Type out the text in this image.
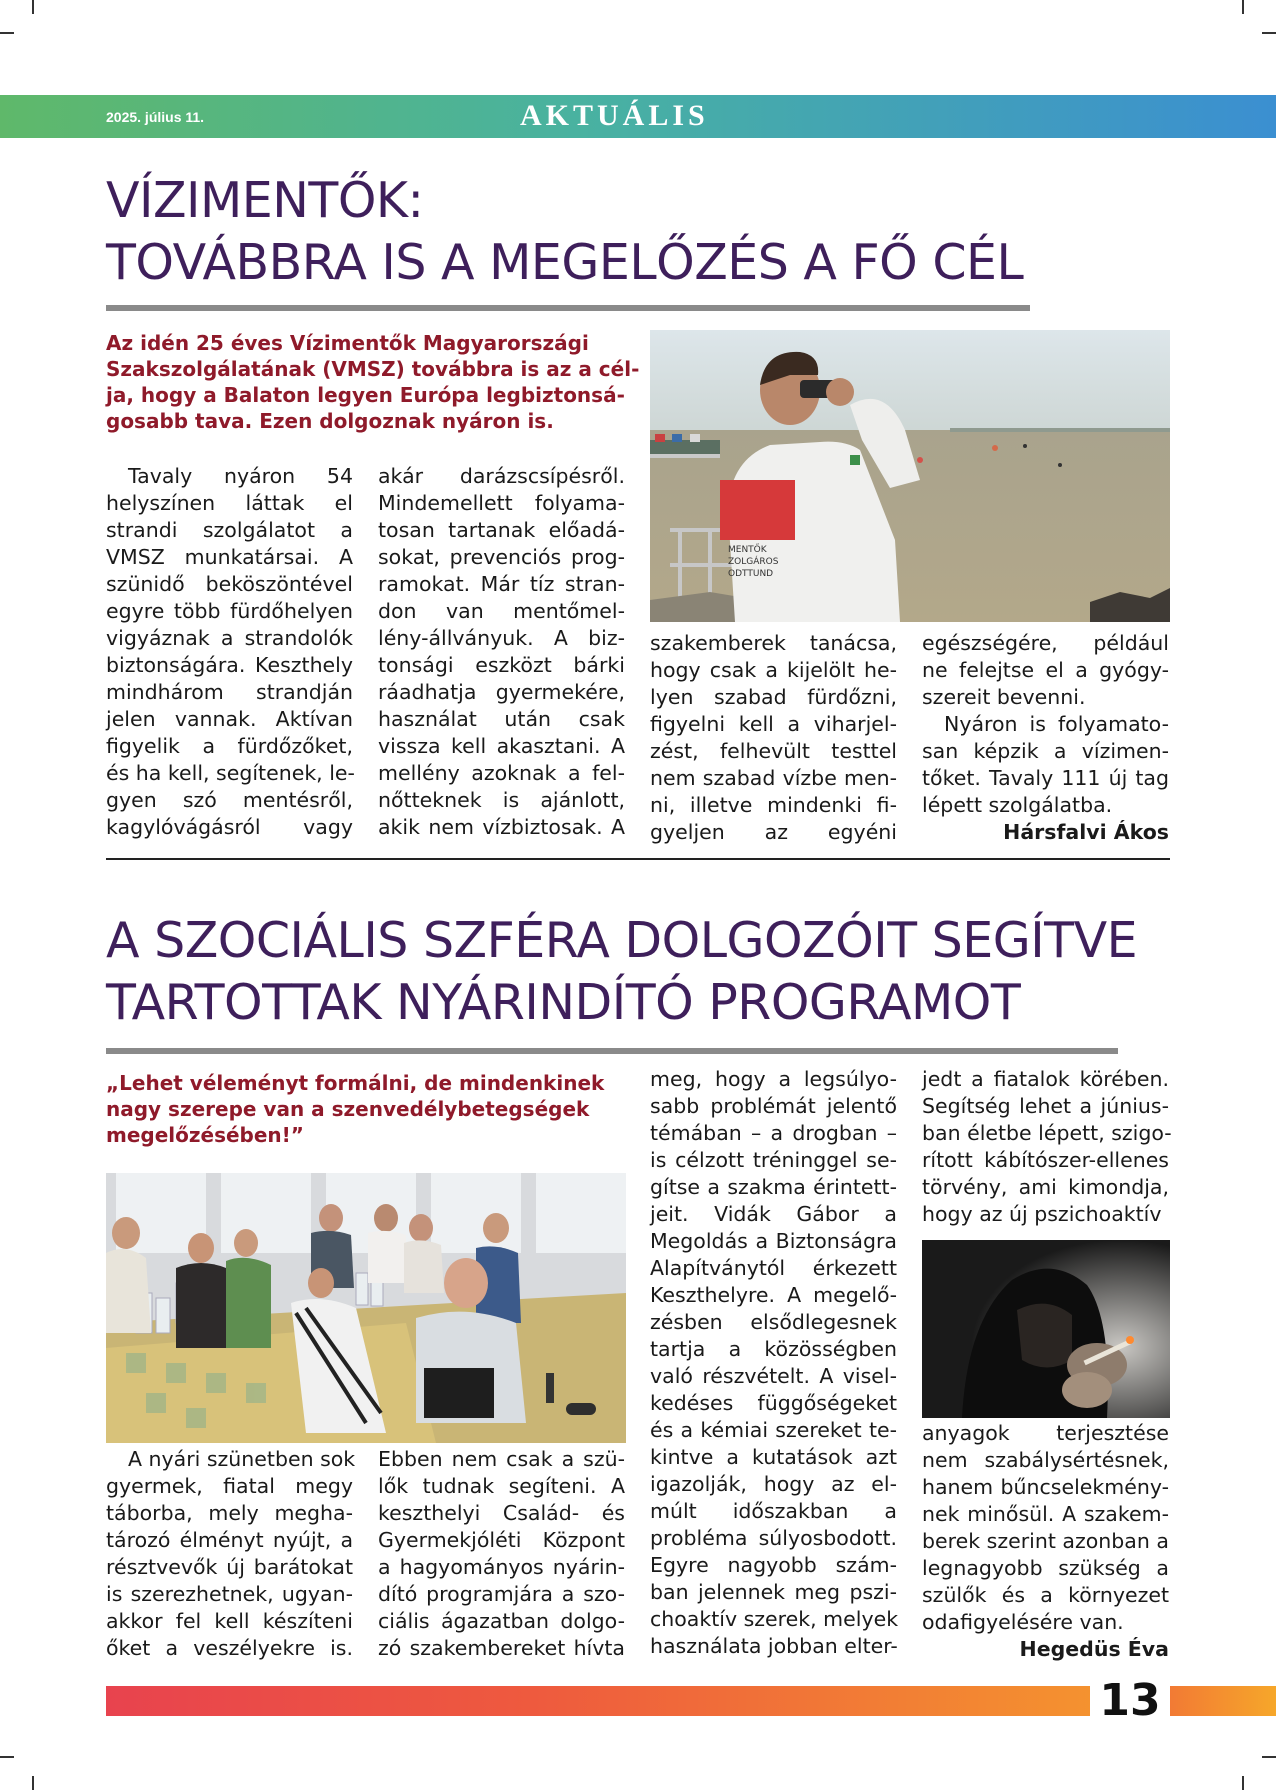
2025. július 11.	AKTUÁLIS
VÍZIMENTŐK:
TOVÁBBRA IS A MEGELŐZÉS A FŐ CÉL
Az idén 25 éves Vízimentők Magyarországi
Szakszolgálatának (VMSZ) továbbra is az a cél-
ja, hogy a Balaton legyen Európa legbiztonsá-
gosabb tava. Ezen dolgoznak nyáron is.
MENTŐK
ZOLGÁROS
ODTTUND
Tavaly nyáron 54
helyszínen láttak el
strandi szolgálatot a
VMSZ munkatársai. A
szünidő beköszöntével
egyre több fürdőhelyen
vigyáznak a strandolók
biztonságára. Keszthely
mindhárom strandján
jelen vannak. Aktívan
figyelik a fürdőzőket,
és ha kell, segítenek, le-
gyen szó mentésről,
kagylóvágásról vagy
akár darázscsípésről.
Mindemellett folyama-
tosan tartanak előadá-
sokat, prevenciós prog-
ramokat. Már tíz stran-
don van mentőmel-
lény-állványuk. A biz-
tonsági eszközt bárki
ráadhatja gyermekére,
használat után csak
vissza kell akasztani. A
mellény azoknak a fel-
nőtteknek is ajánlott,
akik nem vízbiztosak. A
szakemberek tanácsa,
hogy csak a kijelölt he-
lyen szabad fürdőzni,
figyelni kell a viharjel-
zést, felhevült testtel
nem szabad vízbe men-
ni, illetve mindenki fi-
gyeljen az egyéni
egészségére, például
ne felejtse el a gyógy-
szereit bevenni.
Nyáron is folyamato-
san képzik a vízimen-
tőket. Tavaly 111 új tag
lépett szolgálatba.
Hársfalvi Ákos
A SZOCIÁLIS SZFÉRA DOLGOZÓIT SEGÍTVE
TARTOTTAK NYÁRINDÍTÓ PROGRAMOT
„Lehet véleményt formálni, de mindenkinek
nagy szerepe van a szenvedélybetegségek
megelőzésében!”
A nyári szünetben sok
gyermek, fiatal megy
táborba, mely megha-
tározó élményt nyújt, a
résztvevők új barátokat
is szerezhetnek, ugyan-
akkor fel kell készíteni
őket a veszélyekre is.
Ebben nem csak a szü-
lők tudnak segíteni. A
keszthelyi Család- és
Gyermekjóléti Központ
a hagyományos nyárin-
dító programjára a szo-
ciális ágazatban dolgo-
zó szakembereket hívta
meg, hogy a legsúlyo-
sabb problémát jelentő
témában – a drogban –
is célzott tréninggel se-
gítse a szakma érintett-
jeit. Vidák Gábor a
Megoldás a Biztonságra
Alapítványtól érkezett
Keszthelyre. A megelő-
zésben elsődlegesnek
tartja a közösségben
való részvételt. A visel-
kedéses függőségeket
és a kémiai szereket te-
kintve a kutatások azt
igazolják, hogy az el-
múlt időszakban a
probléma súlyosbodott.
Egyre nagyobb szám-
ban jelennek meg pszi-
choaktív szerek, melyek
használata jobban elter-
jedt a fiatalok körében.
Segítség lehet a június-
ban életbe lépett, szigo-
rított kábítószer-ellenes
törvény, ami kimondja,
hogy az új pszichoaktív
anyagok terjesztése
nem szabálysértésnek,
hanem bűncselekmény-
nek minősül. A szakem-
berek szerint azonban a
legnagyobb szükség a
szülők és a környezet
odafigyelésére van.
Hegedüs Éva
13
